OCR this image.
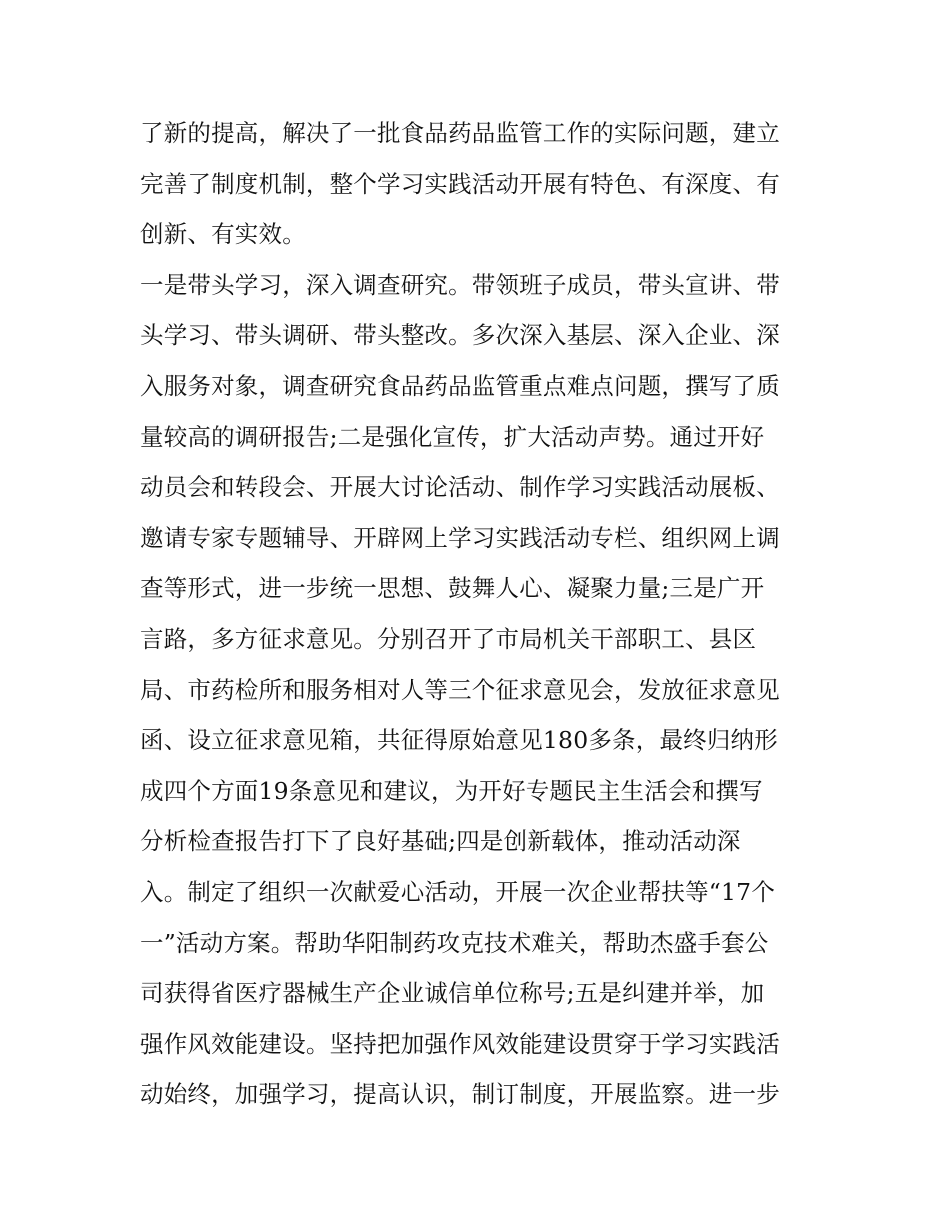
了新的提高，解决了一批食品药品监管工作的实际问题，建立
完善了制度机制，整个学习实践活动开展有特色、有深度、有
创新、有实效。
一是带头学习，深入调查研究。带领班子成员，带头宣讲、带
头学习、带头调研、带头整改。多次深入基层、深入企业、深
入服务对象，调查研究食品药品监管重点难点问题，撰写了质
量较高的调研报告;二是强化宣传，扩大活动声势。通过开好
动员会和转段会、开展大讨论活动、制作学习实践活动展板、
邀请专家专题辅导、开辟网上学习实践活动专栏、组织网上调
查等形式，进一步统一思想、鼓舞人心、凝聚力量;三是广开
言路，多方征求意见。分别召开了市局机关干部职工、县区
局、市药检所和服务相对人等三个征求意见会，发放征求意见
函、设立征求意见箱，共征得原始意见180多条，最终归纳形
成四个方面19条意见和建议，为开好专题民主生活会和撰写
分析检查报告打下了良好基础;四是创新载体，推动活动深
入。制定了组织一次献爱心活动，开展一次企业帮扶等“17个
一”活动方案。帮助华阳制药攻克技术难关，帮助杰盛手套公
司获得省医疗器械生产企业诚信单位称号;五是纠建并举，加
强作风效能建设。坚持把加强作风效能建设贯穿于学习实践活
动始终，加强学习，提高认识，制订制度，开展监察。进一步
